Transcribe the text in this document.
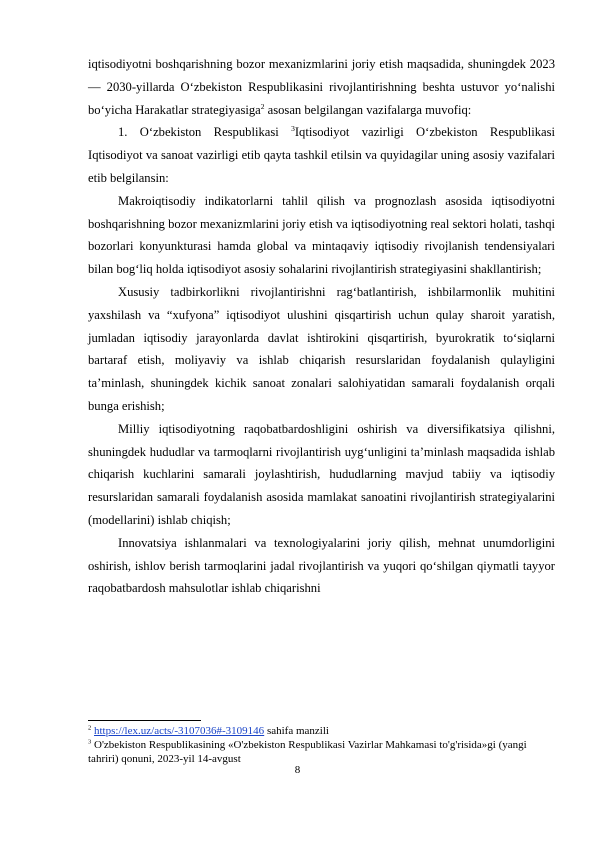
iqtisodiyotni boshqarishning bozor mexanizmlarini joriy etish maqsadida, shuningdek 2023 — 2030-yillarda O‘zbekiston Respublikasini rivojlantirishning beshta ustuvor yo‘nalishi bo‘yicha Harakatlar strategiyasiga$^2$ asosan belgilangan vazifalarga muvofiq:

1. O‘zbekiston Respublikasi $^3$Iqtisodiyot vazirligi O‘zbekiston Respublikasi Iqtisodiyot va sanoat vazirligi etib qayta tashkil etilsin va quyidagilar uning asosiy vazifalari etib belgilansin:

Makroiqtisodiy indikatorlarni tahlil qilish va prognozlash asosida iqtisodiyotni boshqarishning bozor mexanizmlarini joriy etish va iqtisodiyotning real sektori holati, tashqi bozorlari konyunkturasi hamda global va mintaqaviy iqtisodiy rivojlanish tendensiyalari bilan bog‘liq holda iqtisodiyot asosiy sohalarini rivojlantirish strategiyasini shakllantirish;

Xususiy tadbirkorlikni rivojlantirishni rag‘batlantirish, ishbilarmonlik muhitini yaxshilash va “xufyona” iqtisodiyot ulushini qisqartirish uchun qulay sharoit yaratish, jumladan iqtisodiy jarayonlarda davlat ishtirokini qisqartirish, byurokratik to‘siqlarni bartaraf etish, moliyaviy va ishlab chiqarish resurslaridan foydalanish qulayligini ta’minlash, shuningdek kichik sanoat zonalari salohiyatidan samarali foydalanish orqali bunga erishish;

Milliy iqtisodiyotning raqobatbardoshligini oshirish va diversifikatsiya qilishni, shuningdek hududlar va tarmoqlarni rivojlantirish uyg‘unligini ta’minlash maqsadida ishlab chiqarish kuchlarini samarali joylashtirish, hududlarning mavjud tabiiy va iqtisodiy resurslaridan samarali foydalanish asosida mamlakat sanoatini rivojlantirish strategiyalarini (modellarini) ishlab chiqish;

Innovatsiya ishlanmalari va texnologiyalarini joriy qilish, mehnat unumdorligini oshirish, ishlov berish tarmoqlarini jadal rivojlantirish va yuqori qo‘shilgan qiymatli tayyor raqobatbardosh mahsulotlar ishlab chiqarishni

$^2$ https://lex.uz/acts/-3107036#-3109146 sahifa manzili

$^3$ O'zbekiston Respublikasining «O'zbekiston Respublikasi Vazirlar Mahkamasi to'g'risida»gi (yangi tahriri) qonuni, 2023-yil 14-avgust

8
